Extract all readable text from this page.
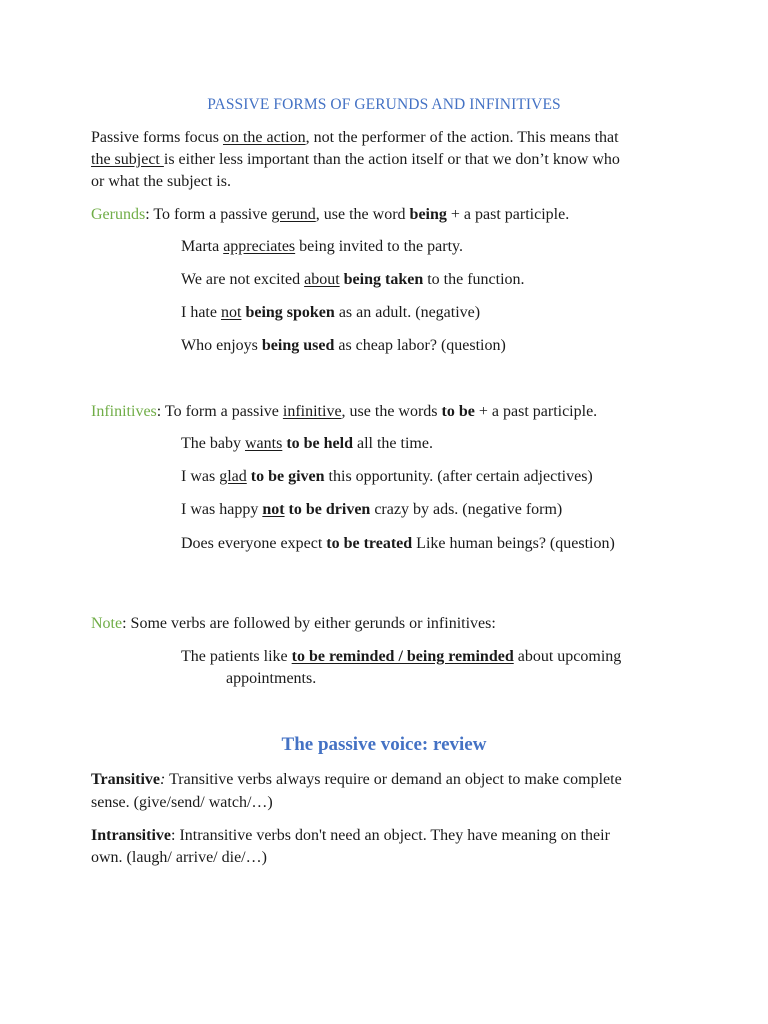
PASSIVE FORMS OF GERUNDS AND INFINITIVES
Passive forms focus on the action, not the performer of the action. This means that
the subject is either less important than the action itself or that we don’t know who
or what the subject is.
Gerunds: To form a passive gerund, use the word being + a past participle.
Marta appreciates being invited to the party.
We are not excited about being taken to the function.
I hate not being spoken as an adult. (negative)
Who enjoys being used as cheap labor? (question)
Infinitives: To form a passive infinitive, use the words to be + a past participle.
The baby wants to be held all the time.
I was glad to be given this opportunity. (after certain adjectives)
I was happy not to be driven crazy by ads. (negative form)
Does everyone expect to be treated Like human beings? (question)
Note: Some verbs are followed by either gerunds or infinitives:
The patients like to be reminded / being reminded about upcoming
appointments.
The passive voice: review
Transitive: Transitive verbs always require or demand an object to make complete
sense. (give/send/ watch/…)
Intransitive: Intransitive verbs don't need an object. They have meaning on their
own. (laugh/ arrive/ die/…)
